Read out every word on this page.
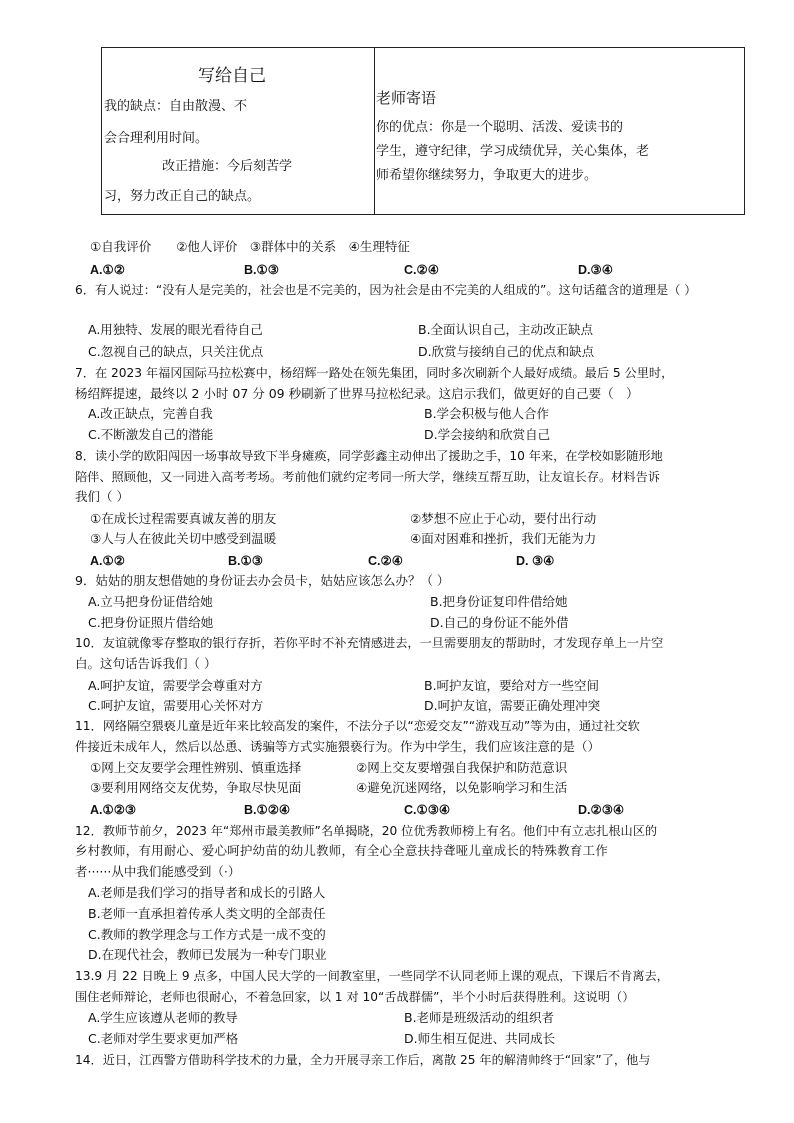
写给自己
我的缺点：自由散漫、不
会合理利用时间。
改正措施：今后刻苦学
习，努力改正自己的缺点。
老师寄语
你的优点：你是一个聪明、活泼、爱读书的
学生，遵守纪律，学习成绩优异，关心集体，老
师希望你继续努力，争取更大的进步。
①自我评价　　②他人评价　③群体中的关系　④生理特征
A.①②	B.①③	C.②④	D.③④
6．有人说过：“没有人是完美的，社会也是不完美的，因为社会是由不完美的人组成的”。这句话蕴含的道理是（ ）
A.用独特、发展的眼光看待自己	B.全面认识自己，主动改正缺点
C.忽视自己的缺点，只关注优点	D.欣赏与接纳自己的优点和缺点
7．在 2023 年福冈国际马拉松赛中，杨绍辉一路处在领先集团，同时多次刷新个人最好成绩。最后 5 公里时，
杨绍辉提速，最终以 2 小时 07 分 09 秒刷新了世界马拉松纪录。这启示我们，做更好的自己要（　）
A.改正缺点，完善自我	B.学会积极与他人合作
C.不断激发自己的潜能	D.学会接纳和欣赏自己
8．读小学的欧阳闯因一场事故导致下半身瘫痪，同学彭鑫主动伸出了援助之手，10 年来，在学校如影随形地
陪伴、照顾他，又一同进入高考考场。考前他们就约定考同一所大学，继续互帮互助，让友谊长存。材料告诉
我们（ ）
①在成长过程需要真诚友善的朋友	②梦想不应止于心动，要付出行动
③人与人在彼此关切中感受到温暖	④面对困难和挫折，我们无能为力
A.①②	B.①③	C.②④	D. ③④
9．姑姑的朋友想借她的身份证去办会员卡，姑姑应该怎么办？（ ）
A.立马把身份证借给她	B.把身份证复印件借给她
C.把身份证照片借给她	D.自己的身份证不能外借
10．友谊就像零存整取的银行存折，若你平时不补充情感进去，一旦需要朋友的帮助时，才发现存单上一片空
白。这句话告诉我们（ ）
A.呵护友谊，需要学会尊重对方	B.呵护友谊，要给对方一些空间
C.呵护友谊，需要用心关怀对方	D.呵护友谊，需要正确处理冲突
11．网络隔空猥亵儿童是近年来比较高发的案件，不法分子以“恋爱交友”“游戏互动”等为由，通过社交软
件接近未成年人，然后以怂恿、诱骗等方式实施猥亵行为。作为中学生，我们应该注意的是（）
①网上交友要学会理性辨别、慎重选择	②网上交友要增强自我保护和防范意识
③要利用网络交友优势，争取尽快见面	④避免沉迷网络，以免影响学习和生活
A.①②③	B.①②④	C.①③④	D.②③④
12．教师节前夕，2023 年“郑州市最美教师”名单揭晓，20 位优秀教师榜上有名。他们中有立志扎根山区的
乡村教师，有用耐心、爱心呵护幼苗的幼儿教师，有全心全意扶持聋哑儿童成长的特殊教育工作
者······从中我们能感受到（·）
A.老师是我们学习的指导者和成长的引路人
B.老师一直承担着传承人类文明的全部责任
C.教师的教学理念与工作方式是一成不变的
D.在现代社会，教师已发展为一种专门职业
13.9 月 22 日晚上 9 点多，中国人民大学的一间教室里，一些同学不认同老师上课的观点，下课后不肯离去，
围住老师辩论，老师也很耐心，不着急回家，以 1 对 10“舌战群儒”，半个小时后获得胜利。这说明（）
A.学生应该遵从老师的教导	B.老师是班级活动的组织者
C.老师对学生要求更加严格	D.师生相互促进、共同成长
14．近日，江西警方借助科学技术的力量，全力开展寻亲工作后，离散 25 年的解清帅终于“回家”了，他与
